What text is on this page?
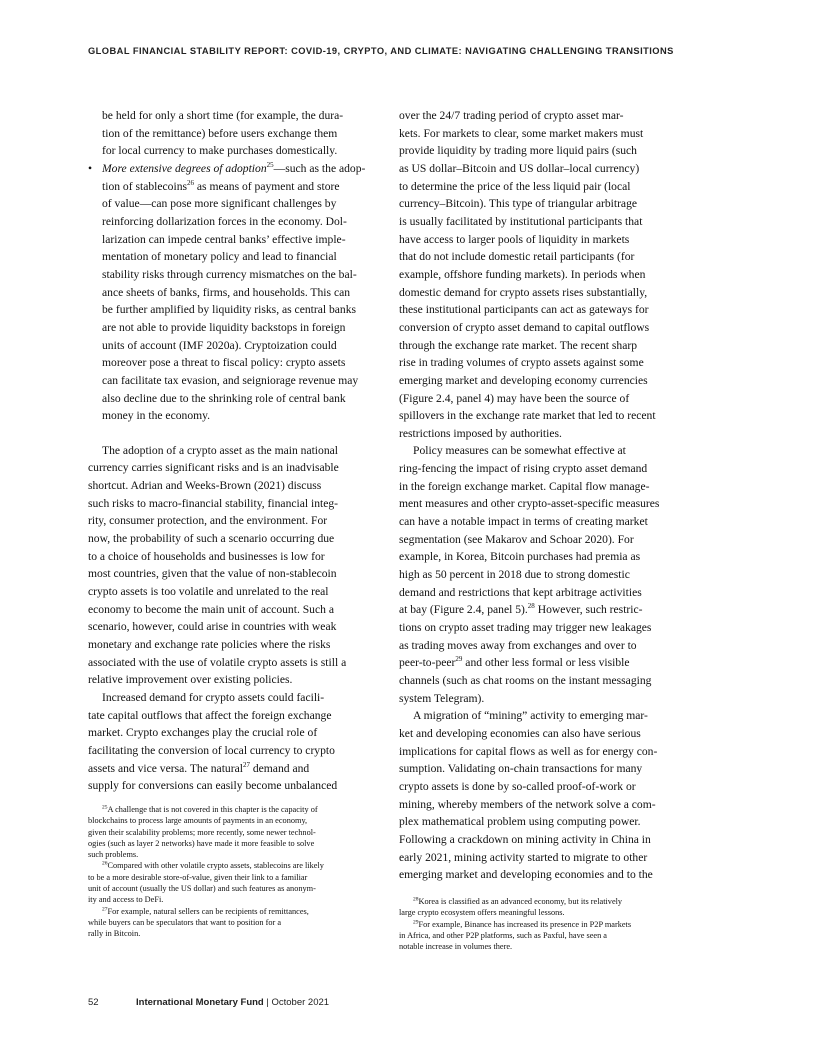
GLOBAL FINANCIAL STABILITY REPORT: COVID-19, CRYPTO, AND CLIMATE: NAVIGATING CHALLENGING TRANSITIONS
be held for only a short time (for example, the dura-
tion of the remittance) before users exchange them
for local currency to make purchases domestically.
• More extensive degrees of adoption$^{25}$—such as the adop-
tion of stablecoins$^{26}$ as means of payment and store
of value—can pose more significant challenges by
reinforcing dollarization forces in the economy. Dol-
larization can impede central banks’ effective imple-
mentation of monetary policy and lead to financial
stability risks through currency mismatches on the bal-
ance sheets of banks, firms, and households. This can
be further amplified by liquidity risks, as central banks
are not able to provide liquidity backstops in foreign
units of account (IMF 2020a). Cryptoization could
moreover pose a threat to fiscal policy: crypto assets
can facilitate tax evasion, and seigniorage revenue may
also decline due to the shrinking role of central bank
money in the economy.
The adoption of a crypto asset as the main national
currency carries significant risks and is an inadvisable
shortcut. Adrian and Weeks-Brown (2021) discuss
such risks to macro-financial stability, financial integ-
rity, consumer protection, and the environment. For
now, the probability of such a scenario occurring due
to a choice of households and businesses is low for
most countries, given that the value of non-stablecoin
crypto assets is too volatile and unrelated to the real
economy to become the main unit of account. Such a
scenario, however, could arise in countries with weak
monetary and exchange rate policies where the risks
associated with the use of volatile crypto assets is still a
relative improvement over existing policies.
Increased demand for crypto assets could facili-
tate capital outflows that affect the foreign exchange
market. Crypto exchanges play the crucial role of
facilitating the conversion of local currency to crypto
assets and vice versa. The natural$^{27}$ demand and
supply for conversions can easily become unbalanced
over the 24/7 trading period of crypto asset mar-
kets. For markets to clear, some market makers must
provide liquidity by trading more liquid pairs (such
as US dollar–Bitcoin and US dollar–local currency)
to determine the price of the less liquid pair (local
currency–Bitcoin). This type of triangular arbitrage
is usually facilitated by institutional participants that
have access to larger pools of liquidity in markets
that do not include domestic retail participants (for
example, offshore funding markets). In periods when
domestic demand for crypto assets rises substantially,
these institutional participants can act as gateways for
conversion of crypto asset demand to capital outflows
through the exchange rate market. The recent sharp
rise in trading volumes of crypto assets against some
emerging market and developing economy currencies
(Figure 2.4, panel 4) may have been the source of
spillovers in the exchange rate market that led to recent
restrictions imposed by authorities.
Policy measures can be somewhat effective at
ring-fencing the impact of rising crypto asset demand
in the foreign exchange market. Capital flow manage-
ment measures and other crypto-asset-specific measures
can have a notable impact in terms of creating market
segmentation (see Makarov and Schoar 2020). For
example, in Korea, Bitcoin purchases had premia as
high as 50 percent in 2018 due to strong domestic
demand and restrictions that kept arbitrage activities
at bay (Figure 2.4, panel 5).$^{28}$ However, such restric-
tions on crypto asset trading may trigger new leakages
as trading moves away from exchanges and over to
peer-to-peer$^{29}$ and other less formal or less visible
channels (such as chat rooms on the instant messaging
system Telegram).
A migration of “mining” activity to emerging mar-
ket and developing economies can also have serious
implications for capital flows as well as for energy con-
sumption. Validating on-chain transactions for many
crypto assets is done by so-called proof-of-work or
mining, whereby members of the network solve a com-
plex mathematical problem using computing power.
Following a crackdown on mining activity in China in
early 2021, mining activity started to migrate to other
emerging market and developing economies and to the
$^{25}$A challenge that is not covered in this chapter is the capacity of
blockchains to process large amounts of payments in an economy,
given their scalability problems; more recently, some newer technol-
ogies (such as layer 2 networks) have made it more feasible to solve
such problems.
$^{26}$Compared with other volatile crypto assets, stablecoins are likely
to be a more desirable store-of-value, given their link to a familiar
unit of account (usually the US dollar) and such features as anonym-
ity and access to DeFi.
$^{27}$For example, natural sellers can be recipients of remittances,
while buyers can be speculators that want to position for a
rally in Bitcoin.
$^{28}$Korea is classified as an advanced economy, but its relatively
large crypto ecosystem offers meaningful lessons.
$^{29}$For example, Binance has increased its presence in P2P markets
in Africa, and other P2P platforms, such as Paxful, have seen a
notable increase in volumes there.
52	International Monetary Fund | October 2021
